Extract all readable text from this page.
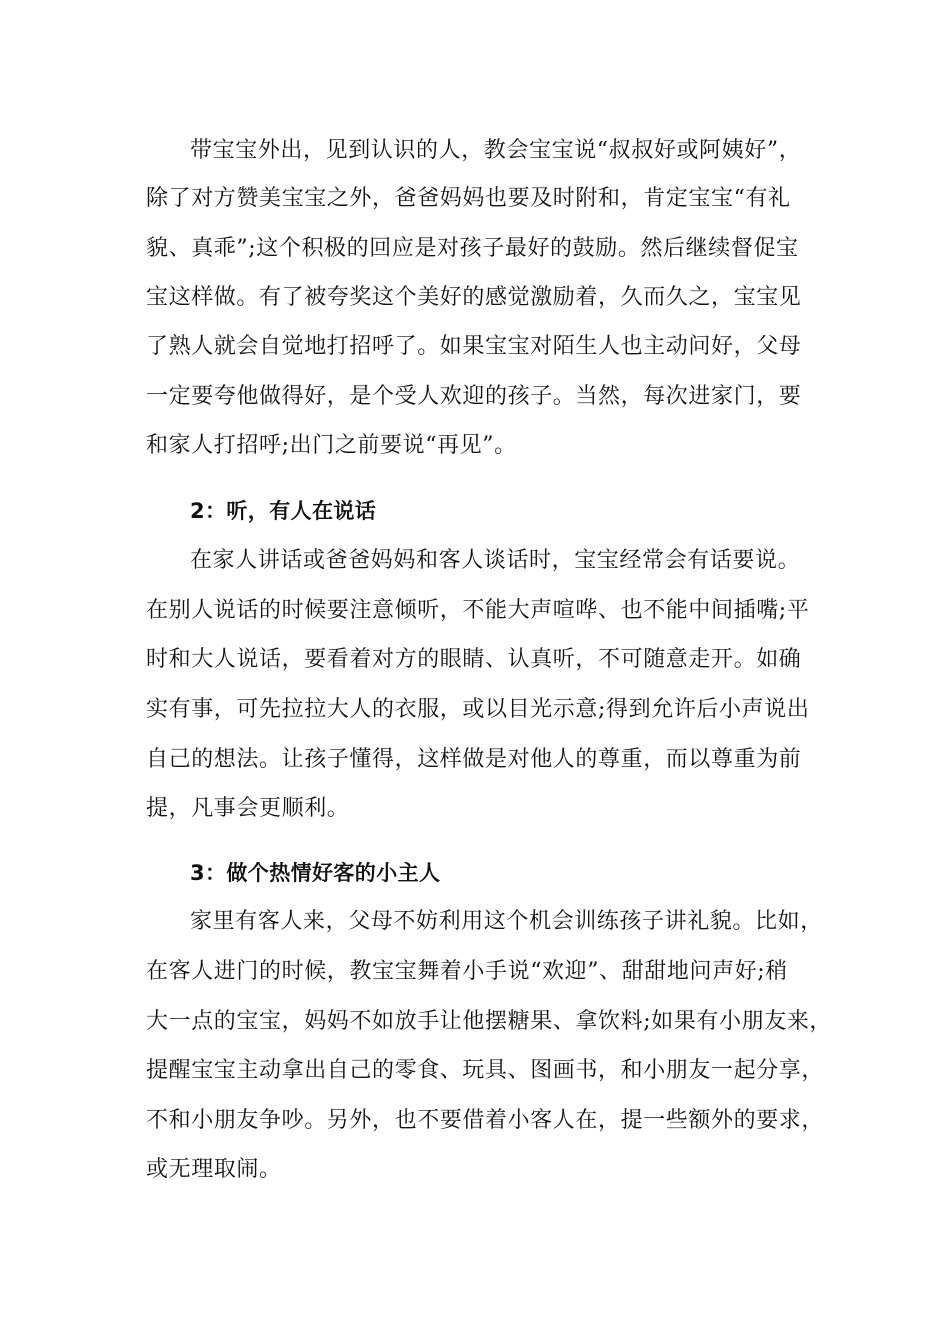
带宝宝外出，见到认识的人，教会宝宝说“叔叔好或阿姨好”，
除了对方赞美宝宝之外，爸爸妈妈也要及时附和，肯定宝宝“有礼
貌、真乖”;这个积极的回应是对孩子最好的鼓励。然后继续督促宝
宝这样做。有了被夸奖这个美好的感觉激励着，久而久之，宝宝见
了熟人就会自觉地打招呼了。如果宝宝对陌生人也主动问好，父母
一定要夸他做得好，是个受人欢迎的孩子。当然，每次进家门，要
和家人打招呼;出门之前要说“再见”。
2：听，有人在说话
在家人讲话或爸爸妈妈和客人谈话时，宝宝经常会有话要说。
在别人说话的时候要注意倾听，不能大声喧哗、也不能中间插嘴;平
时和大人说话，要看着对方的眼睛、认真听，不可随意走开。如确
实有事，可先拉拉大人的衣服，或以目光示意;得到允许后小声说出
自己的想法。让孩子懂得，这样做是对他人的尊重，而以尊重为前
提，凡事会更顺利。
3：做个热情好客的小主人
家里有客人来，父母不妨利用这个机会训练孩子讲礼貌。比如，
在客人进门的时候，教宝宝舞着小手说“欢迎”、甜甜地问声好;稍
大一点的宝宝，妈妈不如放手让他摆糖果、拿饮料;如果有小朋友来，
提醒宝宝主动拿出自己的零食、玩具、图画书，和小朋友一起分享，
不和小朋友争吵。另外，也不要借着小客人在，提一些额外的要求，
或无理取闹。
